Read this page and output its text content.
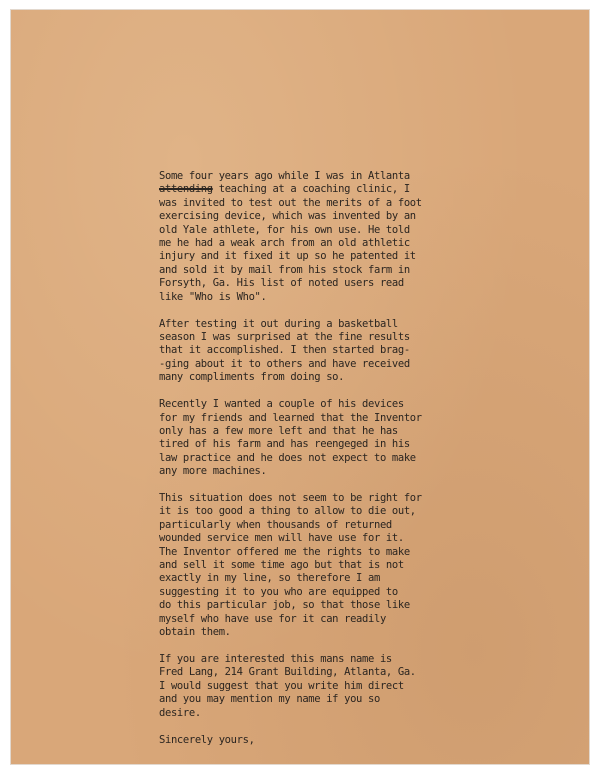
Some four years ago while I was in Atlanta
attending teaching at a coaching clinic, I
was invited to test out the merits of a foot
exercising device, which was invented by an
old Yale athlete, for his own use. He told
me he had a weak arch from an old athletic
injury and it fixed it up so he patented it
and sold it by mail from his stock farm in
Forsyth, Ga. His list of noted users read
like "Who is Who".

After testing it out during a basketball
season I was surprised at the fine results
that it accomplished. I then started brag-
-ging about it to others and have received
many compliments from doing so.

Recently I wanted a couple of his devices
for my friends and learned that the Inventor
only has a few more left and that he has
tired of his farm and has reengeged in his
law practice and he does not expect to make
any more machines.

This situation does not seem to be right for
it is too good a thing to allow to die out,
particularly when thousands of returned
wounded service men will have use for it.
The Inventor offered me the rights to make
and sell it some time ago but that is not
exactly in my line, so therefore I am
suggesting it to you who are equipped to
do this particular job, so that those like
myself who have use for it can readily
obtain them.

If you are interested this mans name is
Fred Lang, 214 Grant Building, Atlanta, Ga.
I would suggest that you write him direct
and you may mention my name if you so
desire.

Sincerely yours,
